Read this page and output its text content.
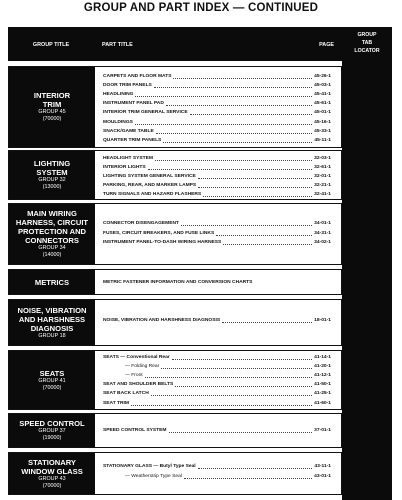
GROUP AND PART INDEX — CONTINUED
GROUP TITLE	PART TITLE	PAGE
GROUP
TAB
LOCATOR
INTERIOR
TRIM
GROUP 45
(70000)
CARPETS AND FLOOR MATS	45-26-1
DOOR TRIM PANELS	45-03-1
HEADLINING	45-41-1
INSTRUMENT PANEL PAD	45-61-1
INTERIOR TRIM GENERAL SERVICE	45-01-1
MOULDINGS	45-16-1
SNACK/GAME TABLE	45-33-1
QUARTER TRIM PANELS	45-11-1
LIGHTING
SYSTEM
GROUP 32
(13000)
HEADLIGHT SYSTEM	32-03-1
INTERIOR LIGHTS	32-61-1
LIGHTING SYSTEM GENERAL SERVICE	32-01-1
PARKING, REAR, AND MARKER LAMPS	32-21-1
TURN SIGNALS AND HAZARD FLASHERS	32-41-1
MAIN WIRING
HARNESS, CIRCUIT
PROTECTION AND
CONNECTORS
GROUP 34
(14000)
CONNECTOR DISENGAGEMENT	34-01-1
FUSES, CIRCUIT BREAKERS, AND FUSE LINKS	34-31-1
INSTRUMENT PANEL-TO-DASH WIRING HARNESS	34-02-1
METRICS	METRIC FASTENER INFORMATION AND CONVERSION CHARTS
NOISE, VIBRATION
AND HARSHNESS
DIAGNOSIS
GROUP 18
NOISE, VIBRATION AND HARSHNESS DIAGNOSIS	18-01-1
SEATS
GROUP 41
(70000)
SEATS — Conventional Rear	41-14-1
— Folding Rear	41-20-1
— Front	41-12-1
SEAT AND SHOULDER BELTS	41-50-1
SEAT BACK LATCH	41-25-1
SEAT TRIM	41-60-1
SPEED CONTROL
GROUP 37
(19000)
SPEED CONTROL SYSTEM	37-01-1
STATIONARY
WINDOW GLASS
GROUP 43
(70000)
STATIONARY GLASS — Butyl Type Seal	43-11-1
— Weatherstrip Type Seal	43-01-1
